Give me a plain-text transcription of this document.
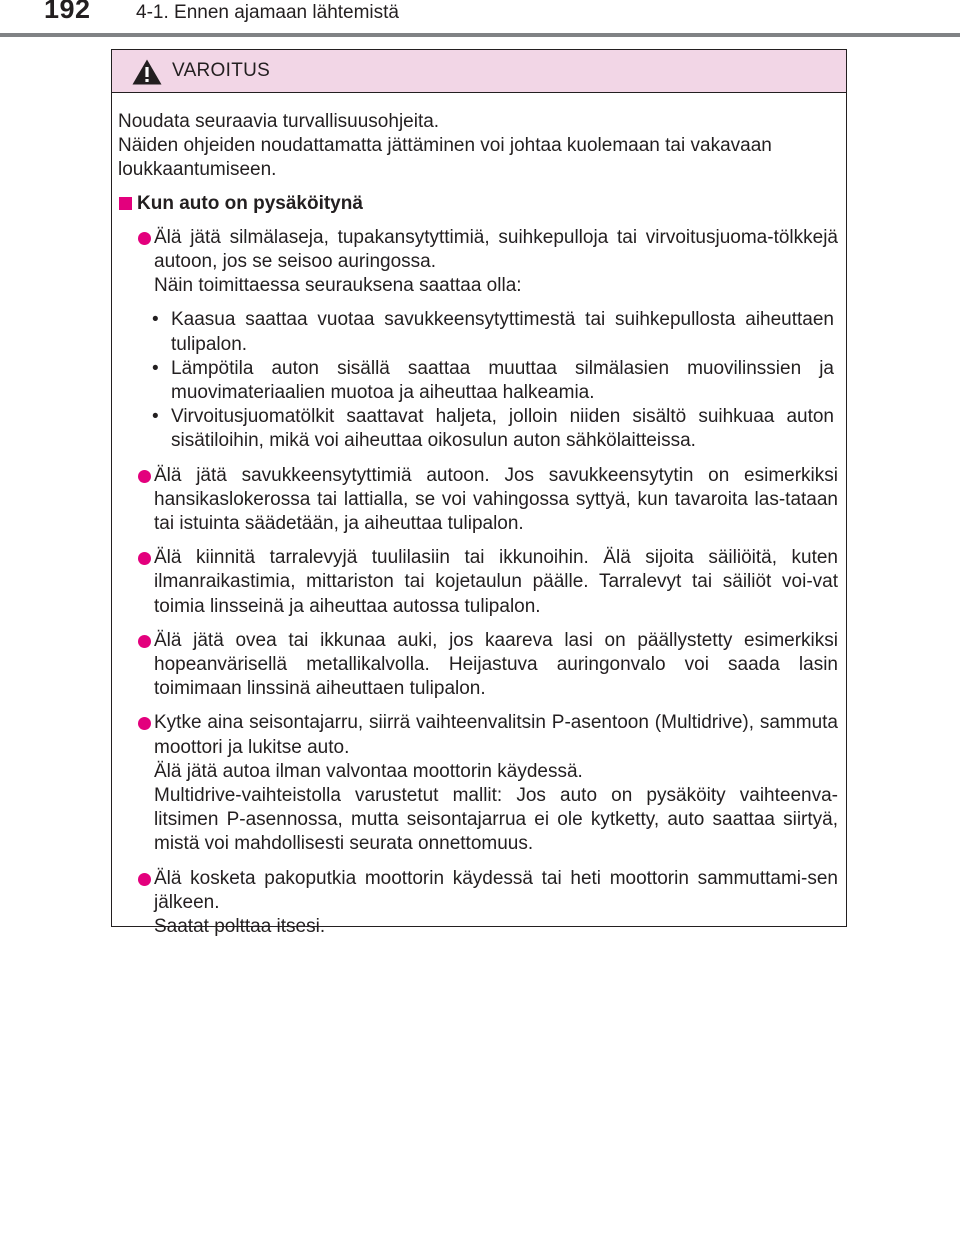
192 4-1. Ennen ajamaan lähtemistä
VAROITUS

Noudata seuraavia turvallisuusohjeita.

Näiden ohjeiden noudattamatta jättäminen voi johtaa kuolemaan tai vakavaan loukkaantumiseen.

Kun auto on pysäköitynä

Älä jätä silmälaseja, tupakansytyttimiä, suihkepulloja tai virvoitusjuoma-tölkkejä autoon, jos se seisoo auringossa.

Näin toimittaessa seurauksena saattaa olla:

• Kaasua saattaa vuotaa savukkeensytyttimestä tai suihkepullosta aiheuttaen tulipalon.
• Lämpötila auton sisällä saattaa muuttaa silmälasien muovilinssien ja muovimateriaalien muotoa ja aiheuttaa halkeamia.
• Virvoitusjuomatölkit saattavat haljeta, jolloin niiden sisältö suihkuaa auton sisätiloihin, mikä voi aiheuttaa oikosulun auton sähkölaitteissa.

Älä jätä savukkeensytyttimiä autoon. Jos savukkeensytytin on esimerkiksi hansikaslokerossa tai lattialla, se voi vahingossa syttyä, kun tavaroita las-tataan tai istuinta säädetään, ja aiheuttaa tulipalon.

Älä kiinnitä tarralevyjä tuulilasiin tai ikkunoihin. Älä sijoita säiliöitä, kuten ilmanraikastimia, mittariston tai kojetaulun päälle. Tarralevyt tai säiliöt voi-vat toimia linsseinä ja aiheuttaa autossa tulipalon.

Älä jätä ovea tai ikkunaa auki, jos kaareva lasi on päällystetty esimerkiksi hopeanvärisellä metallikalvolla. Heijastuva auringonvalo voi saada lasin toimimaan linssinä aiheuttaen tulipalon.

Kytke aina seisontajarru, siirrä vaihteenvalitsin P-asentoon (Multidrive), sammuta moottori ja lukitse auto.

Älä jätä autoa ilman valvontaa moottorin käydessä.

Multidrive-vaihteistolla varustetut mallit: Jos auto on pysäköity vaihteenva-litsimen P-asennossa, mutta seisontajarrua ei ole kytketty, auto saattaa siirtyä, mistä voi mahdollisesti seurata onnettomuus.

Älä kosketa pakoputkia moottorin käydessä tai heti moottorin sammuttami-sen jälkeen.

Saatat polttaa itsesi.
